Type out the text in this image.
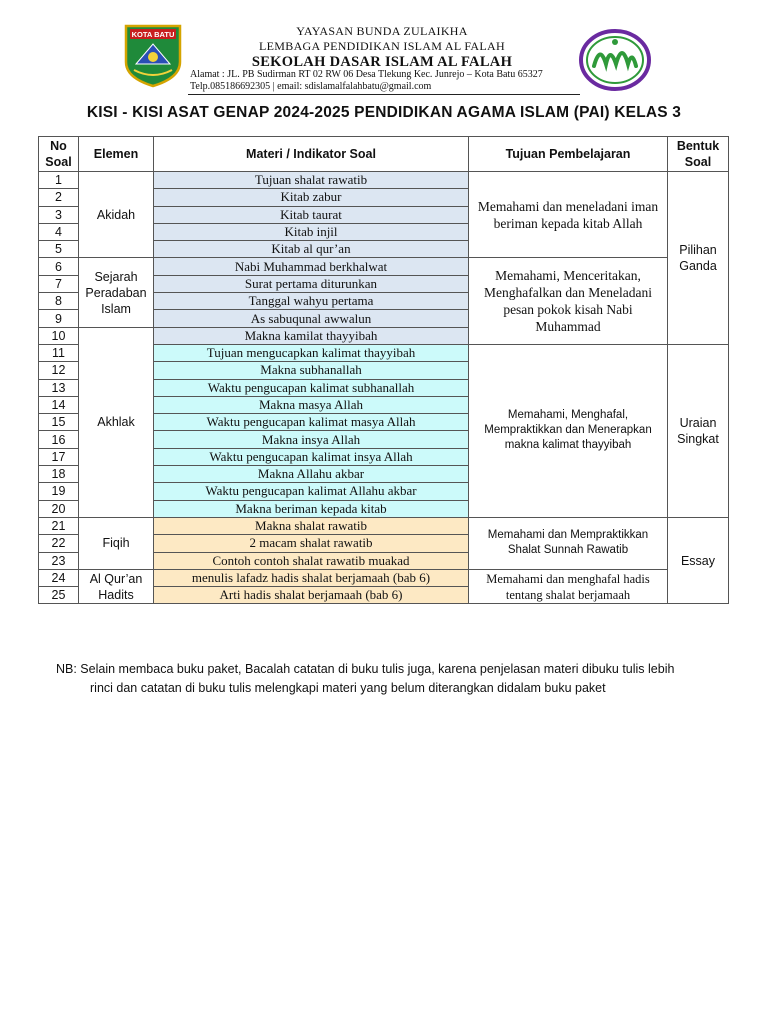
KOTA BATU	YAYASAN BUNDA ZULAIKHA
LEMBAGA PENDIDIKAN ISLAM AL FALAH
SEKOLAH DASAR ISLAM AL FALAH
Alamat : JL. PB Sudirman RT 02 RW 06 Desa Tlekung Kec. Junrejo – Kota Batu 65327
Telp.085186692305 | email: sdislamalfalahbatu@gmail.com
KISI - KISI ASAT GENAP 2024-2025 PENDIDIKAN AGAMA ISLAM (PAI) KELAS 3
No Soal	Elemen	Materi / Indikator Soal	Tujuan Pembelajaran	Bentuk Soal
1	Akidah	Tujuan shalat rawatib	Memahami dan meneladani iman beriman kepada kitab Allah	Pilihan Ganda
2		Kitab zabur		
3		Kitab taurat		
4		Kitab injil		
5		Kitab al qur’an		
6	Sejarah Peradaban Islam	Nabi Muhammad berkhalwat	Memahami, Menceritakan, Menghafalkan dan Meneladani pesan pokok kisah Nabi Muhammad	
7		Surat pertama diturunkan		
8		Tanggal wahyu pertama		
9		As sabuqunal awwalun		
10	Akhlak	Makna kamilat thayyibah		
11		Tujuan mengucapkan kalimat thayyibah	Memahami, Menghafal, Mempraktikkan dan Menerapkan makna kalimat thayyibah	Uraian Singkat
12		Makna subhanallah		
13		Waktu pengucapan kalimat subhanallah		
14		Makna masya Allah		
15		Waktu pengucapan kalimat masya Allah		
16		Makna insya Allah		
17		Waktu pengucapan kalimat insya Allah		
18		Makna Allahu akbar		
19		Waktu pengucapan kalimat Allahu akbar		
20		Makna beriman kepada kitab		
21	Fiqih	Makna shalat rawatib	Memahami dan Mempraktikkan Shalat Sunnah Rawatib	Essay
22		2 macam shalat rawatib		
23		Contoh contoh shalat rawatib muakad		
24	Al Qur’an Hadits	menulis lafadz hadis shalat berjamaah (bab 6)	Memahami dan menghafal hadis tentang shalat berjamaah	
25		Arti hadis shalat berjamaah (bab 6)		
NB: Selain membaca buku paket, Bacalah catatan di buku tulis juga, karena penjelasan materi dibuku tulis lebih
rinci dan catatan di buku tulis melengkapi materi yang belum diterangkan didalam buku paket
